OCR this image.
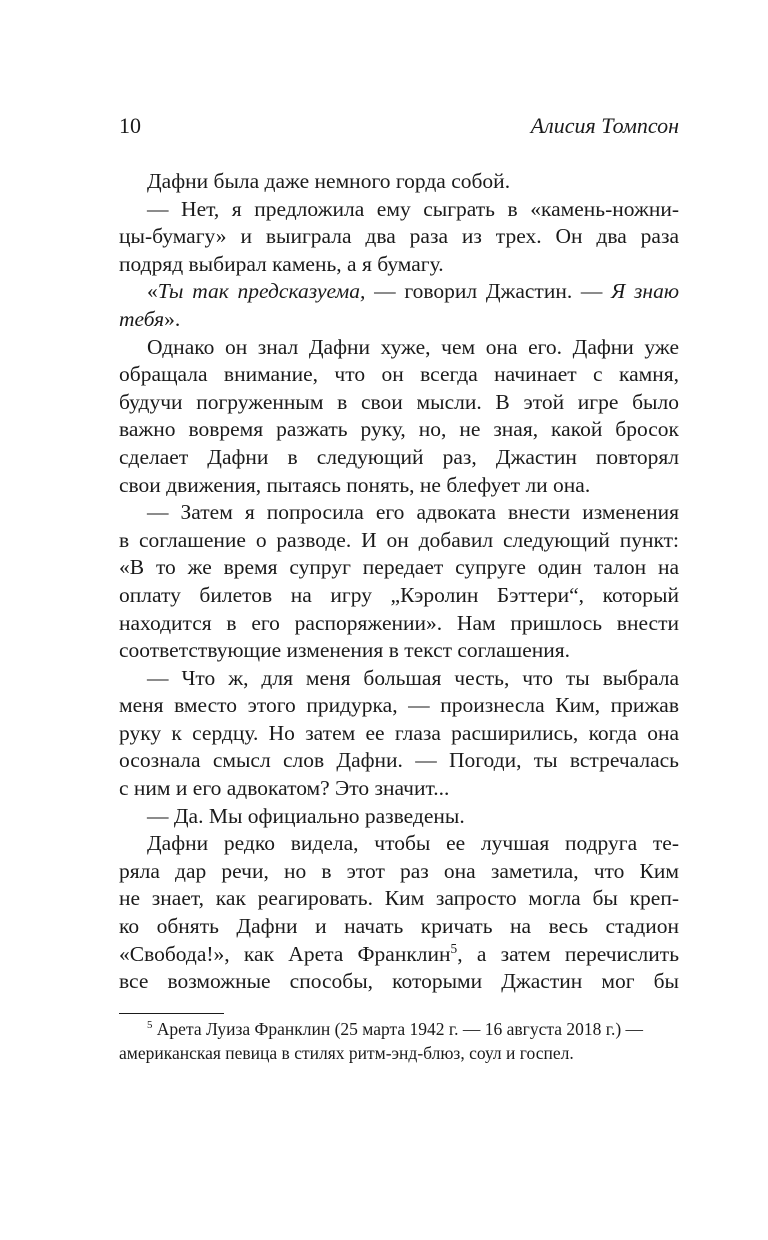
10	Алисия Томпсон

Дафни была даже немного горда собой.

— Нет, я предложила ему сыграть в «камень-ножни-
цы-бумагу» и выиграла два раза из трех. Он два раза
подряд выбирал камень, а я бумагу.

«Ты так предсказуема, — говорил Джастин. — Я знаю
тебя».

Однако он знал Дафни хуже, чем она его. Дафни уже
обращала внимание, что он всегда начинает с камня,
будучи погруженным в свои мысли. В этой игре было
важно вовремя разжать руку, но, не зная, какой бросок
сделает Дафни в следующий раз, Джастин повторял
свои движения, пытаясь понять, не блефует ли она.

— Затем я попросила его адвоката внести изменения
в соглашение о разводе. И он добавил следующий пункт:
«В то же время супруг передает супруге один талон на
оплату билетов на игру „Кэролин Бэттери“, который
находится в его распоряжении». Нам пришлось внести
соответствующие изменения в текст соглашения.

— Что ж, для меня большая честь, что ты выбрала
меня вместо этого придурка, — произнесла Ким, прижав
руку к сердцу. Но затем ее глаза расширились, когда она
осознала смысл слов Дафни. — Погоди, ты встречалась
с ним и его адвокатом? Это значит...

— Да. Мы официально разведены.

Дафни редко видела, чтобы ее лучшая подруга те-
ряла дар речи, но в этот раз она заметила, что Ким
не знает, как реагировать. Ким запросто могла бы креп-
ко обнять Дафни и начать кричать на весь стадион
«Свобода!», как Арета Франклин$^5$, а затем перечислить
все возможные способы, которыми Джастин мог бы

$^5$ Арета Луиза Франклин (25 марта 1942 г. — 16 августа 2018 г.) —
американская певица в стилях ритм-энд-блюз, соул и госпел.
